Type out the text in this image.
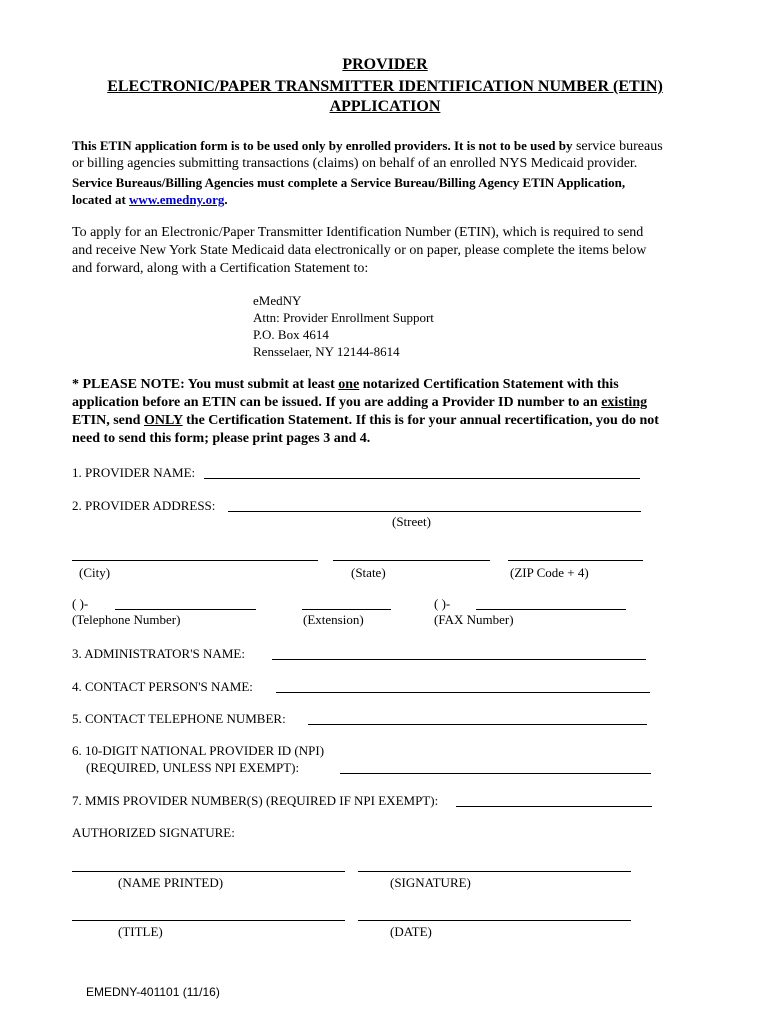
PROVIDER
ELECTRONIC/PAPER TRANSMITTER IDENTIFICATION NUMBER (ETIN)
APPLICATION
This ETIN application form is to be used only by enrolled providers. It is not to be used by service bureaus
or billing agencies submitting transactions (claims) on behalf of an enrolled NYS Medicaid provider.
Service Bureaus/Billing Agencies must complete a Service Bureau/Billing Agency ETIN Application,
located at www.emedny.org.
To apply for an Electronic/Paper Transmitter Identification Number (ETIN), which is required to send
and receive New York State Medicaid data electronically or on paper, please complete the items below
and forward, along with a Certification Statement to:
eMedNY
Attn: Provider Enrollment Support
P.O. Box 4614
Rensselaer, NY 12144-8614
* PLEASE NOTE: You must submit at least one notarized Certification Statement with this
application before an ETIN can be issued. If you are adding a Provider ID number to an existing
ETIN, send ONLY the Certification Statement. If this is for your annual recertification, you do not
need to send this form; please print pages 3 and 4.
1. PROVIDER NAME:
2. PROVIDER ADDRESS:
(Street)
(City)	(State)	(ZIP Code + 4)
( )-	( )-
(Telephone Number)	(Extension)	(FAX Number)
3. ADMINISTRATOR'S NAME:
4. CONTACT PERSON'S NAME:
5. CONTACT TELEPHONE NUMBER:
6. 10-DIGIT NATIONAL PROVIDER ID (NPI)
(REQUIRED, UNLESS NPI EXEMPT):
7. MMIS PROVIDER NUMBER(S) (REQUIRED IF NPI EXEMPT):
AUTHORIZED SIGNATURE:
(NAME PRINTED)	(SIGNATURE)
(TITLE)	(DATE)
EMEDNY-401101 (11/16)
